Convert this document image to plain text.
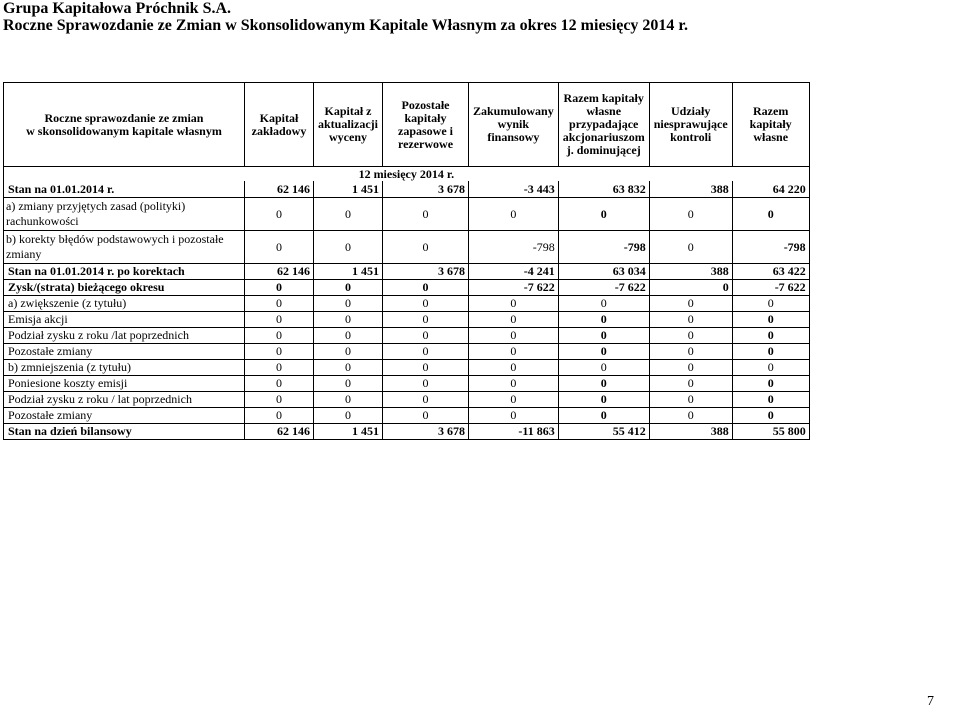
Grupa Kapitałowa Próchnik S.A.
Roczne Sprawozdanie ze Zmian w Skonsolidowanym Kapitale Własnym za okres 12 miesięcy 2014 r.
Roczne sprawozdanie ze zmian
w skonsolidowanym kapitale własnym	Kapitał zakładowy	Kapitał z aktualizacji wyceny	Pozostałe kapitały zapasowe i rezerwowe	Zakumulowany wynik finansowy	Razem kapitały własne przypadające akcjonariuszom j. dominującej	Udziały niesprawujące kontroli	Razem kapitały własne
12 miesięcy 2014 r.							
Stan na 01.01.2014 r.	62 146	1 451	3 678	-3 443	63 832	388	64 220
a) zmiany przyjętych zasad (polityki) rachunkowości	0	0	0	0	0	0	0
b) korekty błędów podstawowych i pozostałe zmiany	0	0	0	-798	-798	0	-798
Stan na 01.01.2014 r. po korektach	62 146	1 451	3 678	-4 241	63 034	388	63 422
Zysk/(strata) bieżącego okresu	0	0	0	-7 622	-7 622	0	-7 622
a) zwiększenie (z tytułu)	0	0	0	0	0	0	0
Emisja akcji	0	0	0	0	0	0	0
Podział zysku z roku /lat poprzednich	0	0	0	0	0	0	0
Pozostałe zmiany	0	0	0	0	0	0	0
b) zmniejszenia (z tytułu)	0	0	0	0	0	0	0
Poniesione koszty emisji	0	0	0	0	0	0	0
Podział zysku z roku / lat poprzednich	0	0	0	0	0	0	0
Pozostałe zmiany	0	0	0	0	0	0	0
Stan na dzień bilansowy	62 146	1 451	3 678	-11 863	55 412	388	55 800
7
